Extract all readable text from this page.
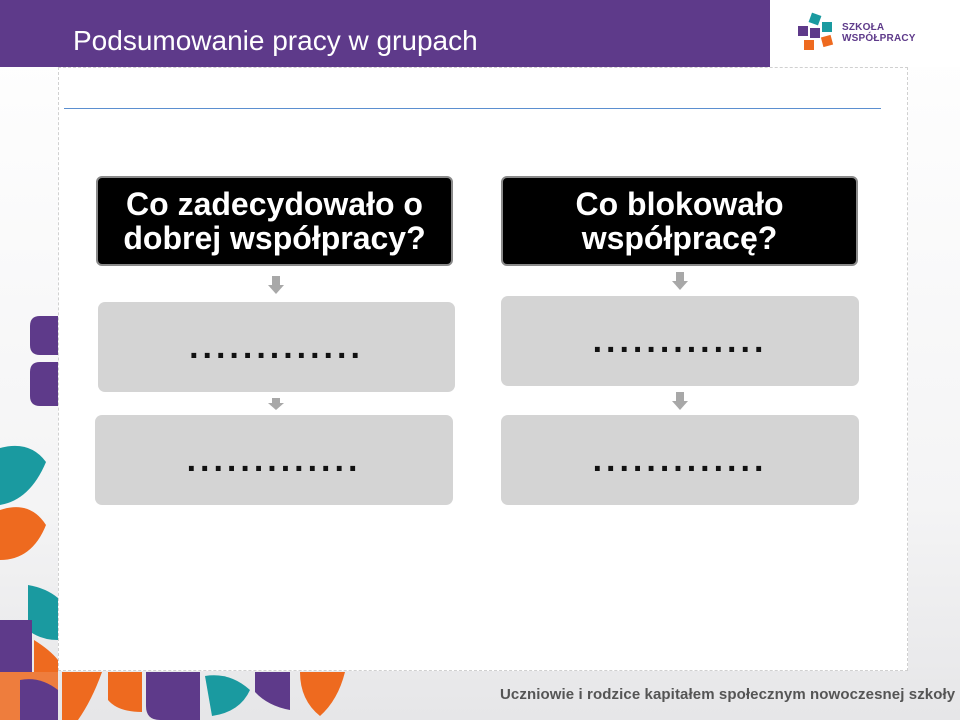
Podsumowanie pracy w grupach	SZKOŁA
WSPÓŁPRACY
Co zadecydowało o dobrej współpracy?
.............
.............
Co blokowało współpracę?
.............
.............
Uczniowie i rodzice kapitałem społecznym nowoczesnej szkoły
